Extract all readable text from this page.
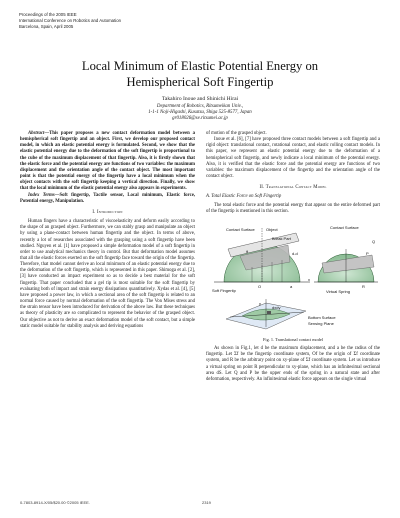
Proceedings of the 2005 IEEE
International Conference on Robotics and Automation
Barcelona, Spain, April 2005
Local Minimum of Elastic Potential Energy on
Hemispherical Soft Fingertip
Takahiro Inoue and Shinichi Hirai
Department of Robotics, Ritsumeikan Univ.,
1-1-1 Noji-Higashi, Kusatsu, Shiga 525-8577, Japan
gr018026@se.ritsumei.ac.jp
Abstract—This paper proposes a new contact deformation model between a hemispherical soft fingertip and an object. First, we develop our proposed contact model, in which an elastic potential energy is formulated. Second, we show that the elastic potential energy due to the deformation of the soft fingertip is proportional to the cube of the maximum displacement of that fingertip. Also, it is firstly shown that the elastic force and the potential energy are functions of two variables: the maximum displacement and the orientation angle of the contact object. The most important point is that the potential energy of the fingertip have a local minimum when the object contacts with the soft fingertip keeping a vertical direction. Finally, we show that the local minimum of the elastic potential energy also appears in experiments.
Index Terms—Soft fingertip, Tactile sensor, Local minimum, Elastic force, Potential energy, Manipulation.
I. Introduction
Human fingers have a characteristic of viscoelasticity and deform easily according to the shape of an grasped object. Furthermore, we can stably grasp and manipulate an object by using a plane-contact between human fingertip and the object. In terms of above, recently a lot of researches associated with the grasping using a soft fingertip have been studied. Nguyen et al. [1] have proposed a simple deformation model of a soft fingertip in order to use analytical mechanics theory in control. But that deformation model assumes that all the elastic forces exerted on the soft fingertip face toward the origin of the fingertip. Therefore, that model cannot derive an local minimum of an elastic potential energy due to the deformation of the soft fingertip, which is represented in this paper. Shimoga et al. [2], [3] have conducted an impact experiment so as to decide a best material for the soft fingertip. That paper concluded that a gel tip is most suitable for the soft fingertip by evaluating both of impact and strain energy dissipations quantitatively. Xydas et al. [4], [5] have proposed a power law, in which a sectional area of the soft fingertip is related to an normal force caused by normal deformation of the soft fingertip. The Von Mises stress and the strain tensor have been introduced for derivation of the above law. But these techniques as theory of plasticity are so complicated to represent the behavior of the grasped object. Our objective as not to derive an exact deformation model of the soft contact, but a simple static model suitable for stability analysis and deriving equations
of motion of the grasped object.
Inoue et al. [6], [7] have proposed three contact models between a soft fingertip and a rigid object: translational contact, rotational contact, and elastic rolling contact models. In this paper, we represent an elastic potential energy due to the deformation of a hemispherical soft fingertip, and newly indicate a local minimum of the potential energy. Also, it is verified that the elastic force and the potential energy are functions of two variables: the maximum displacement of the fingertip and the orientation angle of the contact object.
II. Translational Contact Model
A. Total Elastic Force on Soft Fingertip
The total elastic force and the potential energy that appear on the entire deformed part of the fingertip is mentioned in this section.
Contact Surface	Object
Break Part
Contact Surface
Soft Fingertip	Virtual Spring
Bottom Surface
Sensing Plane
d-d
θ
x
y
O	a
P
Q
R
dxdy
Fig. 1. Translational contact model
As shown in Fig.1, let d be the maximum displacement, and a be the radius of the fingertip. Let Σf be the fingertip coordinate system, Of be the origin of Σf coordinate system, and R be the arbitrary point on xy-plane of Σf coordinate system. Let us introduce a virtual spring on point R perpendicular to xy-plane, which has an infinitesimal sectional area dS. Let Q and P be the upper ends of the spring in a natural state and after deformation, respectively. An infinitesimal elastic force appears on the single virtual
0-7803-8914-X/05/$20.00 ©2005 IEEE.	2319
